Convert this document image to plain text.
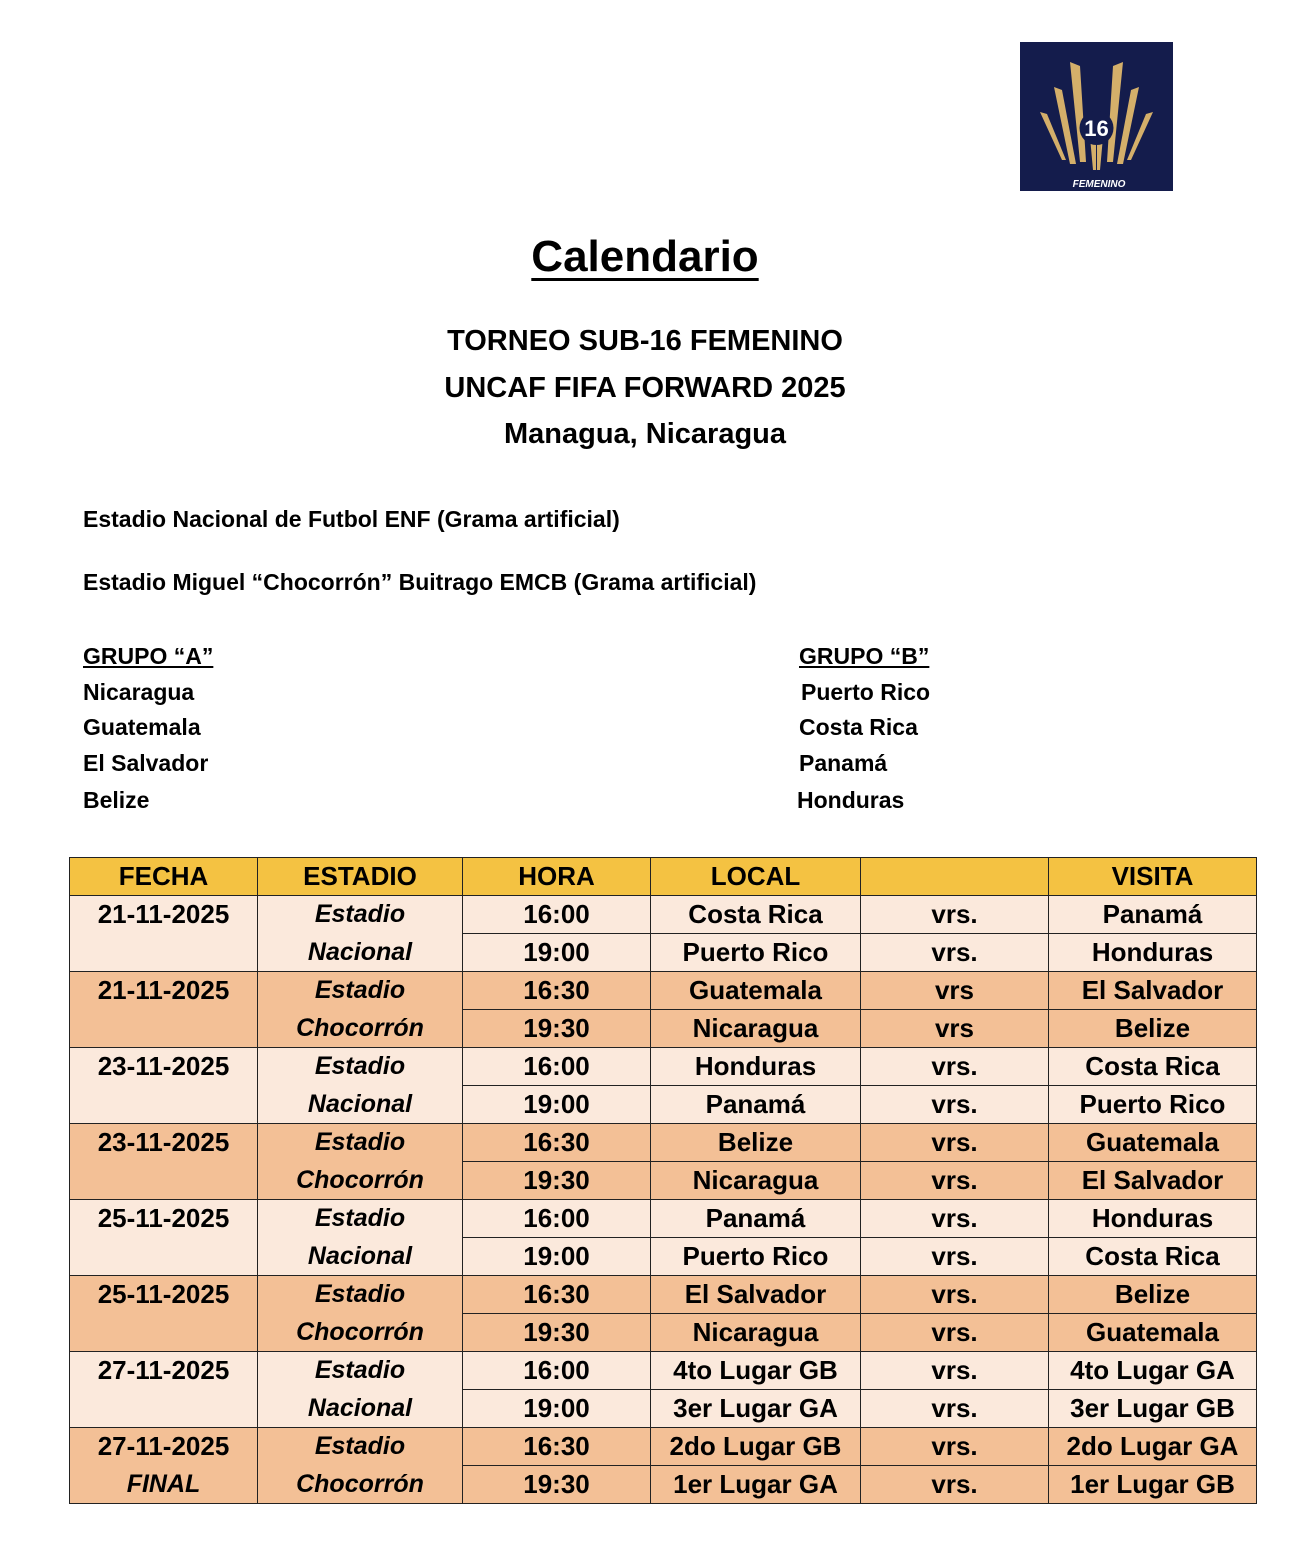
16
FEMENINO
Calendario
TORNEO SUB-16 FEMENINO
UNCAF FIFA FORWARD 2025
Managua, Nicaragua
Estadio Nacional de Futbol ENF (Grama artificial)
Estadio Miguel “Chocorrón” Buitrago EMCB (Grama artificial)
GRUPO “A”
Nicaragua
Guatemala
El Salvador
Belize
GRUPO “B”
Puerto Rico
Costa Rica
Panamá
Honduras
FECHA	ESTADIO	HORA	LOCAL		VISITA
21-11-2025	Estadio	16:00	Costa Rica	vrs.	Panamá
	Nacional	19:00	Puerto Rico	vrs.	Honduras
21-11-2025	Estadio	16:30	Guatemala	vrs	El Salvador
	Chocorrón	19:30	Nicaragua	vrs	Belize
23-11-2025	Estadio	16:00	Honduras	vrs.	Costa Rica
	Nacional	19:00	Panamá	vrs.	Puerto Rico
23-11-2025	Estadio	16:30	Belize	vrs.	Guatemala
	Chocorrón	19:30	Nicaragua	vrs.	El Salvador
25-11-2025	Estadio	16:00	Panamá	vrs.	Honduras
	Nacional	19:00	Puerto Rico	vrs.	Costa Rica
25-11-2025	Estadio	16:30	El Salvador	vrs.	Belize
	Chocorrón	19:30	Nicaragua	vrs.	Guatemala
27-11-2025	Estadio	16:00	4to Lugar GB	vrs.	4to Lugar GA
	Nacional	19:00	3er Lugar GA	vrs.	3er Lugar GB
27-11-2025	Estadio	16:30	2do Lugar GB	vrs.	2do Lugar GA
FINAL	Chocorrón	19:30	1er Lugar GA	vrs.	1er Lugar GB
